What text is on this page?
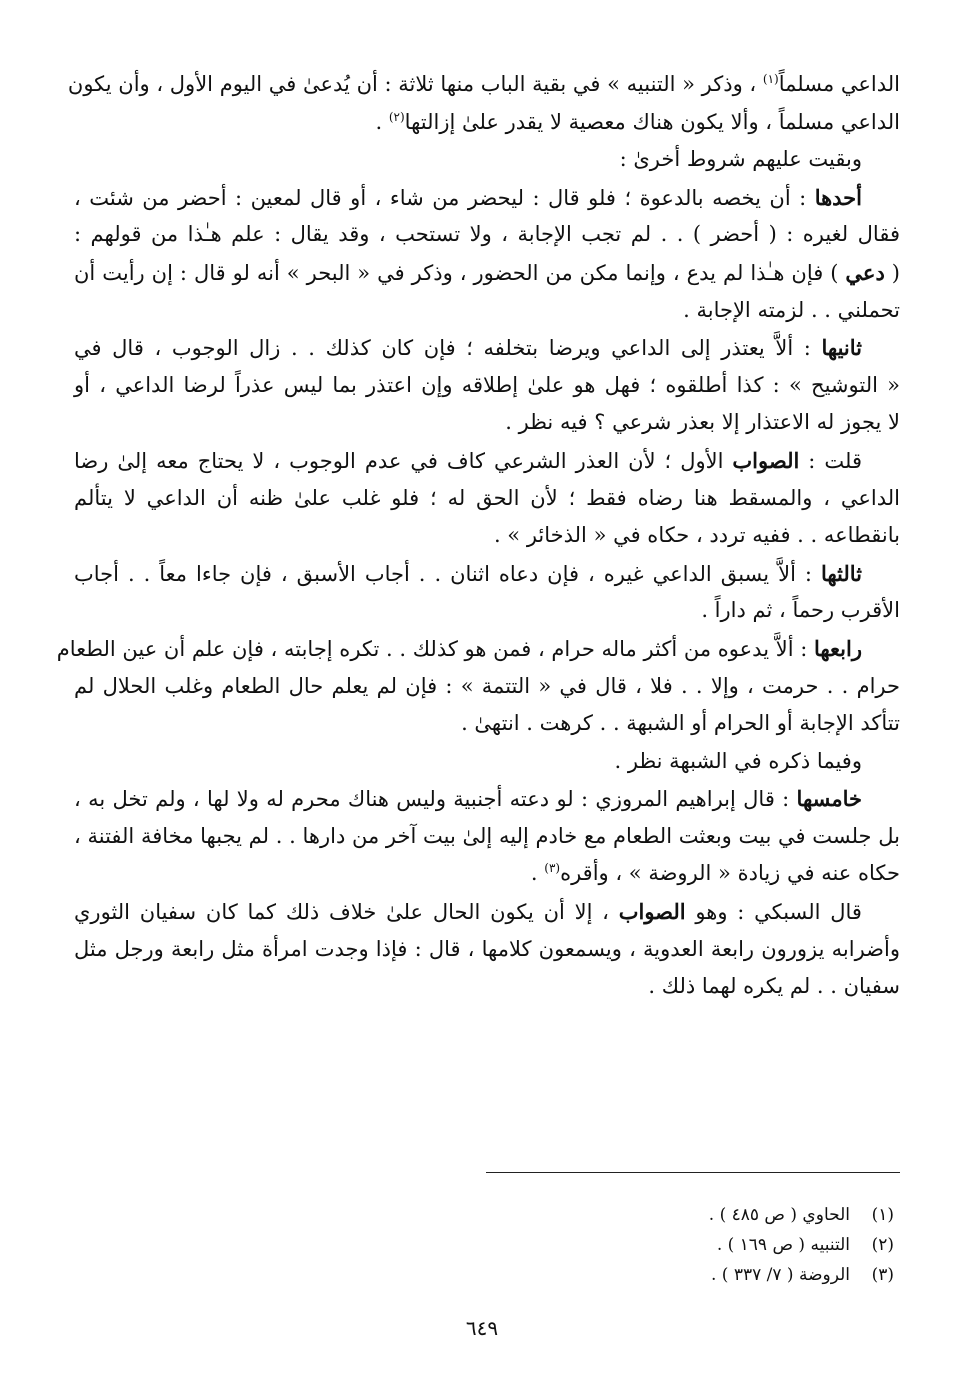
الداعي مسلماً$^{(١)}$ ، وذكر « التنبيه » في بقية الباب منها ثلاثة : أن يُدعىٰ في اليوم الأول ، وأن يكون
الداعي مسلماً ، وألا يكون هناك معصية لا يقدر علىٰ إزالتها$^{(٢)}$ .
وبقيت عليهم شروط أخرىٰ :
أحدها : أن يخصه بالدعوة ؛ فلو قال : ليحضر من شاء ، أو قال لمعين : أحضر من شئت ،
فقال لغيره : ( أحضر ) . . لم تجب الإجابة ، ولا تستحب ، وقد يقال : علم هـٰذا من قولهم :
( دعي ) فإن هـٰذا لم يدع ، وإنما مكن من الحضور ، وذكر في « البحر » أنه لو قال : إن رأيت أن
تحملني . . لزمته الإجابة .
ثانيها : ألاَّ يعتذر إلى الداعي ويرضا بتخلفه ؛ فإن كان كذلك . . زال الوجوب ، قال في
« التوشيح » : كذا أطلقوه ؛ فهل هو علىٰ إطلاقه وإن اعتذر بما ليس عذراً لرضا الداعي ، أو
لا يجوز له الاعتذار إلا بعذر شرعي ؟ فيه نظر .
قلت : الصواب الأول ؛ لأن العذر الشرعي كاف في عدم الوجوب ، لا يحتاج معه إلىٰ رضا
الداعي ، والمسقط هنا رضاه فقط ؛ لأن الحق له ؛ فلو غلب علىٰ ظنه أن الداعي لا يتألم
بانقطاعه . . ففيه تردد ، حكاه في « الذخائر » .
ثالثها : ألاَّ يسبق الداعي غيره ، فإن دعاه اثنان . . أجاب الأسبق ، فإن جاءا معاً . . أجاب
الأقرب رحماً ، ثم داراً .
رابعها : ألاَّ يدعوه من أكثر ماله حرام ، فمن هو كذلك . . تكره إجابته ، فإن علم أن عين الطعام
حرام . . حرمت ، وإلا . . فلا ، قال في « التتمة » : فإن لم يعلم حال الطعام وغلب الحلال لم
تتأكد الإجابة أو الحرام أو الشبهة . . كرهت . انتهىٰ .
وفيما ذكره في الشبهة نظر .
خامسها : قال إبراهيم المروزي : لو دعته أجنبية وليس هناك محرم له ولا لها ، ولم تخل به ،
بل جلست في بيت وبعثت الطعام مع خادم إليه إلىٰ بيت آخر من دارها . . لم يجبها مخافة الفتنة ،
حكاه عنه في زيادة « الروضة » ، وأقره$^{(٣)}$ .
قال السبكي : وهو الصواب ، إلا أن يكون الحال علىٰ خلاف ذلك كما كان سفيان الثوري
وأضرابه يزورون رابعة العدوية ، ويسمعون كلامها ، قال : فإذا وجدت امرأة مثل رابعة ورجل مثل
سفيان . . لم يكره لهما ذلك .
(١)الحاوي ( ص ٤٨٥ ) .
(٢)التنبيه ( ص ١٦٩ ) .
(٣)الروضة ( ٧/ ٣٣٧ ) .
٦٤٩
